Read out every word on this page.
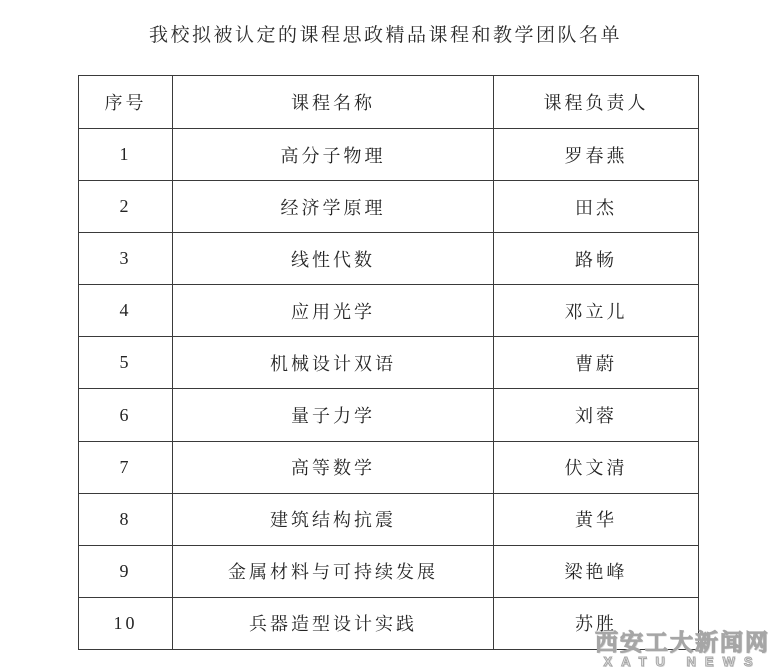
我校拟被认定的课程思政精品课程和教学团队名单
序号	课程名称	课程负责人
1	高分子物理	罗春燕
2	经济学原理	田杰
3	线性代数	路畅
4	应用光学	邓立儿
5	机械设计双语	曹蔚
6	量子力学	刘蓉
7	高等数学	伏文清
8	建筑结构抗震	黄华
9	金属材料与可持续发展	梁艳峰
10	兵器造型设计实践	苏胜
西安工大新闻网
XATU NEWS
